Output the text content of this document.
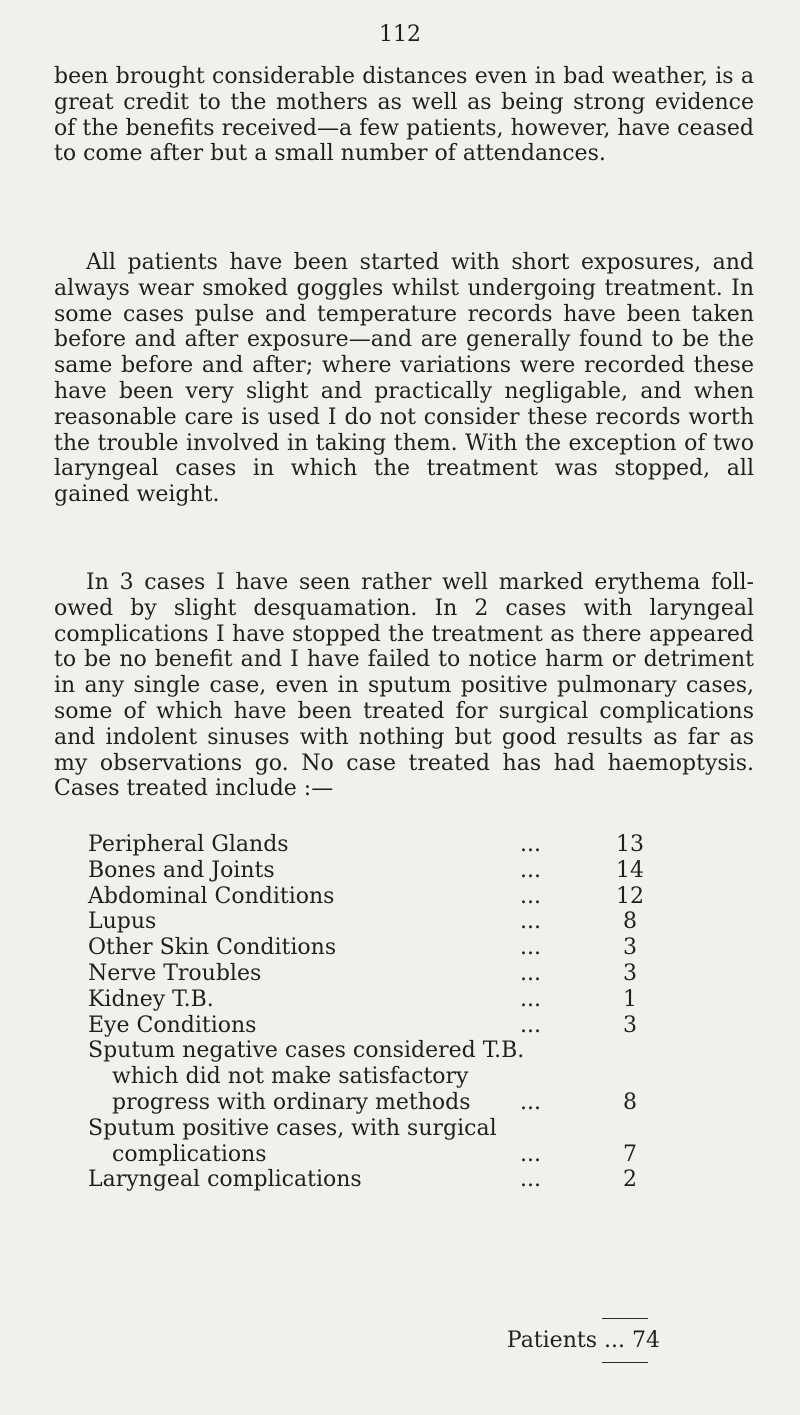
112

been brought considerable distances even in bad weather, is a great credit to the mothers as well as being strong evidence of the benefits received—a few patients, however, have ceased to come after but a small number of attendances.

All patients have been started with short exposures, and always wear smoked goggles whilst undergoing treatment. In some cases pulse and temperature records have been taken before and after exposure—and are generally found to be the same before and after; where variations were recorded these have been very slight and practically negligable, and when reasonable care is used I do not consider these records worth the trouble involved in taking them. With the exception of two laryngeal cases in which the treatment was stopped, all gained weight.

In 3 cases I have seen rather well marked erythema foll-owed by slight desquamation. In 2 cases with laryngeal complications I have stopped the treatment as there appeared to be no benefit and I have failed to notice harm or detriment in any single case, even in sputum positive pulmonary cases, some of which have been treated for surgical complications and indolent sinuses with nothing but good results as far as my observations go. No case treated has had haemoptysis. Cases treated include :—

Peripheral Glands	...	13
Bones and Joints	...	14
Abdominal Conditions	...	12
Lupus	...	8
Other Skin Conditions	...	3
Nerve Troubles	...	3
Kidney T.B.	...	1
Eye Conditions	...	3
Sputum negative cases considered T.B. which did not make satisfactory progress with ordinary methods	...	8
Sputum positive cases, with surgical complications	...	7
Laryngeal complications	...	2
Patients ... 74
